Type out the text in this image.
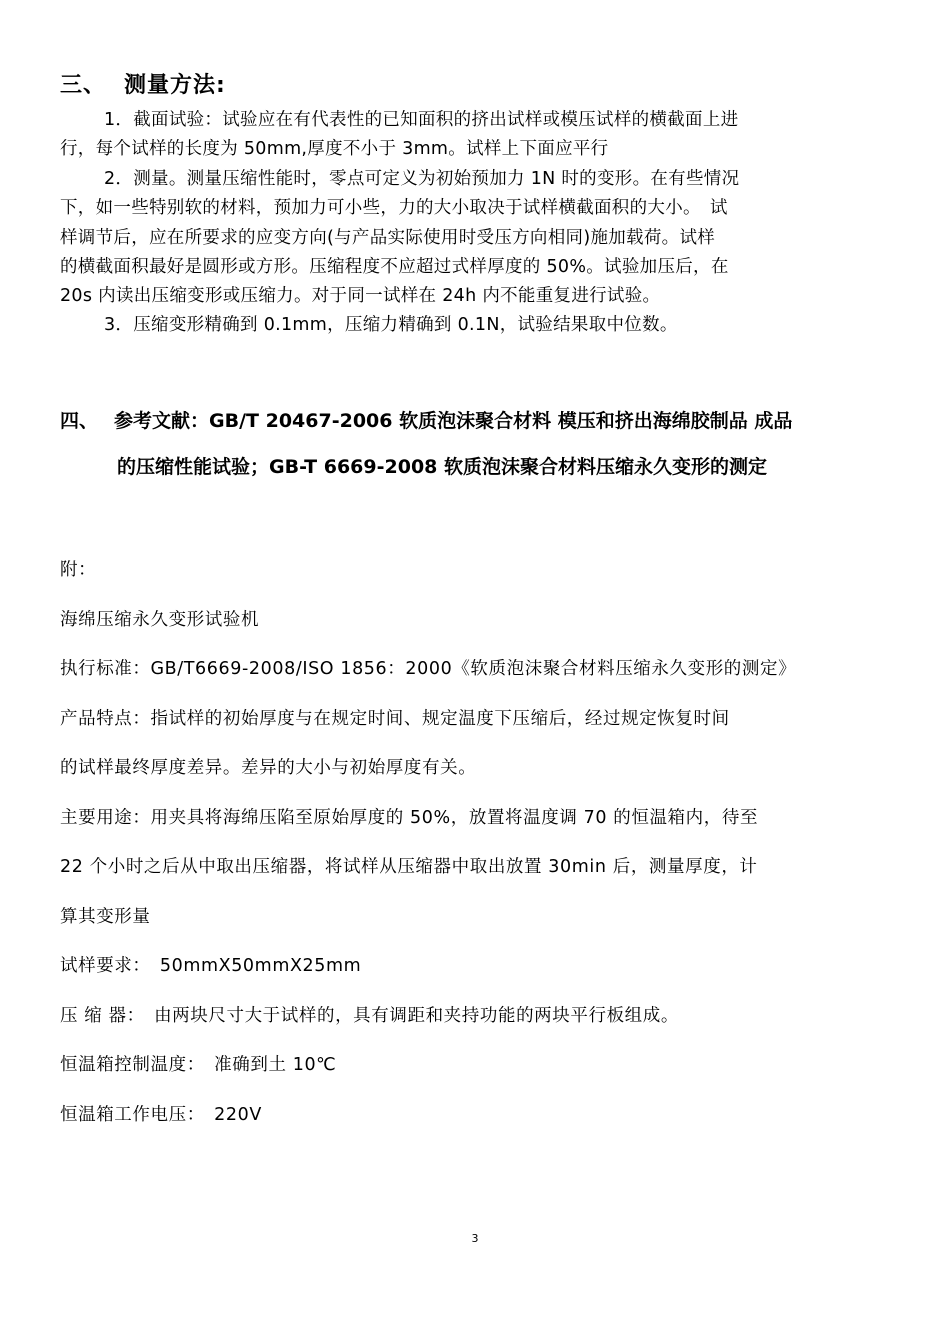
三、 测量方法:
1．截面试验：试验应在有代表性的已知面积的挤出试样或模压试样的横截面上进
行，每个试样的长度为 50mm,厚度不小于 3mm。试样上下面应平行
2．测量。测量压缩性能时，零点可定义为初始预加力 1N 时的变形。在有些情况
下，如一些特别软的材料，预加力可小些，力的大小取决于试样横截面积的大小。　试
样调节后，应在所要求的应变方向(与产品实际使用时受压方向相同)施加载荷。试样
的横截面积最好是圆形或方形。压缩程度不应超过式样厚度的 50%。试验加压后，在
20s 内读出压缩变形或压缩力。对于同一试样在 24h 内不能重复进行试验。
3．压缩变形精确到 0.1mm，压缩力精确到 0.1N，试验结果取中位数。
四、 参考文献：GB/T 20467-2006 软质泡沫聚合材料 模压和挤出海绵胶制品 成品
的压缩性能试验；GB-T 6669-2008 软质泡沫聚合材料压缩永久变形的测定
附：
海绵压缩永久变形试验机
执行标准：GB/T6669-2008/ISO 1856：2000《软质泡沫聚合材料压缩永久变形的测定》
产品特点：指试样的初始厚度与在规定时间、规定温度下压缩后，经过规定恢复时间
的试样最终厚度差异。差异的大小与初始厚度有关。
主要用途：用夹具将海绵压陷至原始厚度的 50%，放置将温度调 70 的恒温箱内，待至
22 个小时之后从中取出压缩器，将试样从压缩器中取出放置 30min 后，测量厚度，计
算其变形量
试样要求：　50mmX50mmX25mm
压 缩 器：　由两块尺寸大于试样的，具有调距和夹持功能的两块平行板组成。
恒温箱控制温度：　准确到土 10℃
恒温箱工作电压：　220V
3
